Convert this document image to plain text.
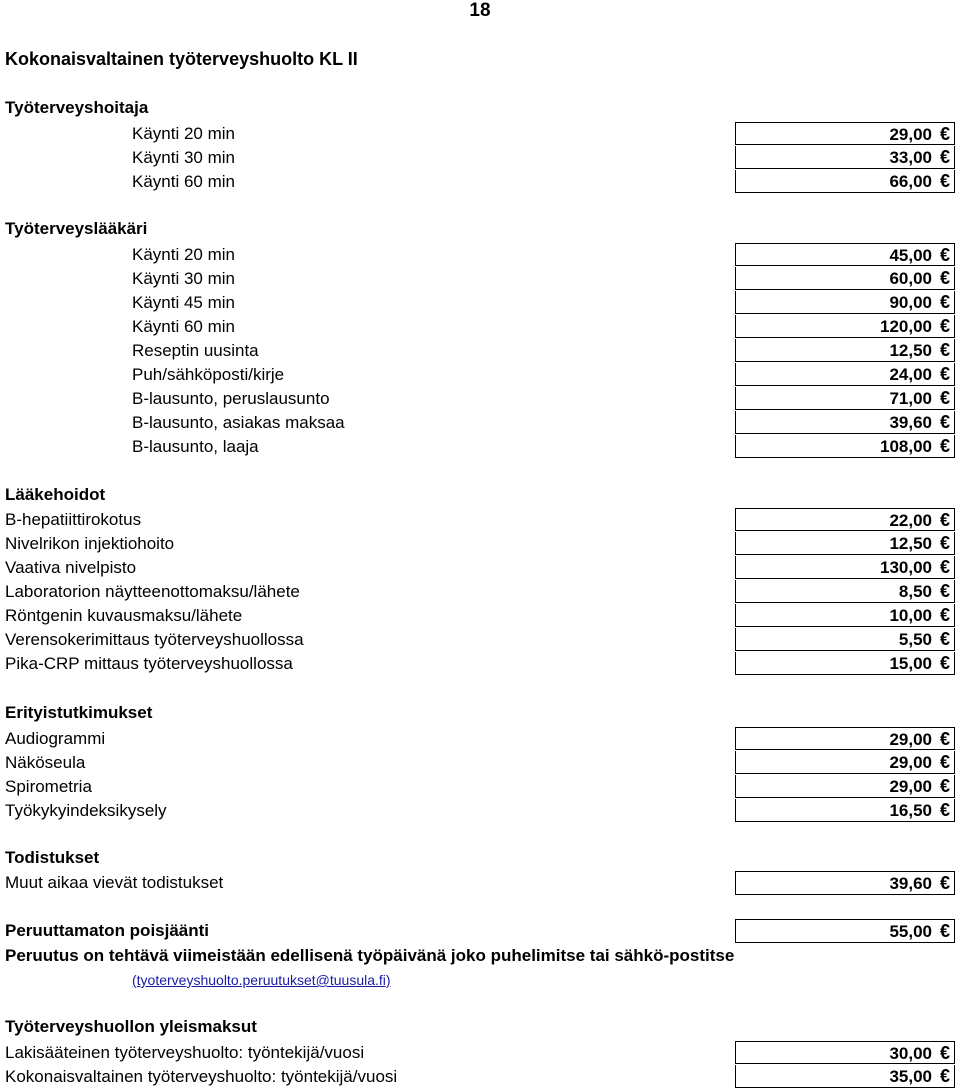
18
Kokonaisvaltainen työterveyshuolto KL II
Työterveyshoitaja
Käynti 20 min	29,00 €
Käynti 30 min	33,00 €
Käynti 60 min	66,00 €
Työterveyslääkäri
Käynti 20 min	45,00 €
Käynti 30 min	60,00 €
Käynti 45 min	90,00 €
Käynti 60 min	120,00 €
Reseptin uusinta	12,50 €
Puh/sähköposti/kirje	24,00 €
B-lausunto, peruslausunto	71,00 €
B-lausunto, asiakas maksaa	39,60 €
B-lausunto, laaja	108,00 €
Lääkehoidot
B-hepatiittirokotus	22,00 €
Nivelrikon injektiohoito	12,50 €
Vaativa nivelpisto	130,00 €
Laboratorion näytteenottomaksu/lähete	8,50 €
Röntgenin kuvausmaksu/lähete	10,00 €
Verensokerimittaus työterveyshuollossa	5,50 €
Pika-CRP mittaus työterveyshuollossa	15,00 €
Erityistutkimukset
Audiogrammi	29,00 €
Näköseula	29,00 €
Spirometria	29,00 €
Työkykyindeksikysely	16,50 €
Todistukset
Muut aikaa vievät todistukset	39,60 €
Peruuttamaton poisjäänti	55,00 €
Peruutus on tehtävä viimeistään edellisenä työpäivänä joko puhelimitse tai sähkö-postitse
(tyoterveyshuolto.peruutukset@tuusula.fi)
Työterveyshuollon yleismaksut
Lakisääteinen työterveyshuolto: työntekijä/vuosi	30,00 €
Kokonaisvaltainen työterveyshuolto: työntekijä/vuosi	35,00 €
